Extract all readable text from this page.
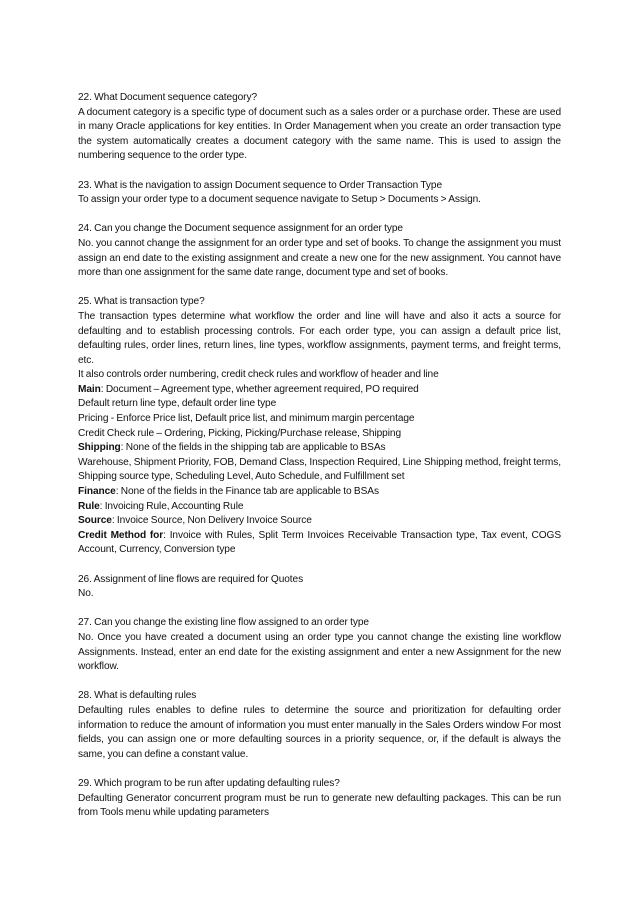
22. What Document sequence category?

A document category is a specific type of document such as a sales order or a purchase order. These are used in many Oracle applications for key entities. In Order Management when you create an order transaction type the system automatically creates a document category with the same name. This is used to assign the numbering sequence to the order type.

23. What is the navigation to assign Document sequence to Order Transaction Type

To assign your order type to a document sequence navigate to Setup > Documents > Assign.

24. Can you change the Document sequence assignment for an order type

No. you cannot change the assignment for an order type and set of books. To change the assignment you must assign an end date to the existing assignment and create a new one for the new assignment. You cannot have more than one assignment for the same date range, document type and set of books.

25. What is transaction type?

The transaction types determine what workflow the order and line will have and also it acts a source for defaulting and to establish processing controls. For each order type, you can assign a default price list, defaulting rules, order lines, return lines, line types, workflow assignments, payment terms, and freight terms, etc.

It also controls order numbering, credit check rules and workflow of header and line

Main: Document – Agreement type, whether agreement required, PO required

Default return line type, default order line type

Pricing - Enforce Price list, Default price list, and minimum margin percentage

Credit Check rule – Ordering, Picking, Picking/Purchase release, Shipping

Shipping: None of the fields in the shipping tab are applicable to BSAs

Warehouse, Shipment Priority, FOB, Demand Class, Inspection Required, Line Shipping method, freight terms, Shipping source type, Scheduling Level, Auto Schedule, and Fulfillment set

Finance: None of the fields in the Finance tab are applicable to BSAs

Rule: Invoicing Rule, Accounting Rule

Source: Invoice Source, Non Delivery Invoice Source

Credit Method for: Invoice with Rules, Split Term Invoices Receivable Transaction type, Tax event, COGS Account, Currency, Conversion type

26. Assignment of line flows are required for Quotes

No.

27. Can you change the existing line flow assigned to an order type

No. Once you have created a document using an order type you cannot change the existing line workflow Assignments. Instead, enter an end date for the existing assignment and enter a new Assignment for the new workflow.

28. What is defaulting rules

Defaulting rules enables to define rules to determine the source and prioritization for defaulting order information to reduce the amount of information you must enter manually in the Sales Orders window For most fields, you can assign one or more defaulting sources in a priority sequence, or, if the default is always the same, you can define a constant value.

29. Which program to be run after updating defaulting rules?

Defaulting Generator concurrent program must be run to generate new defaulting packages. This can be run from Tools menu while updating parameters
